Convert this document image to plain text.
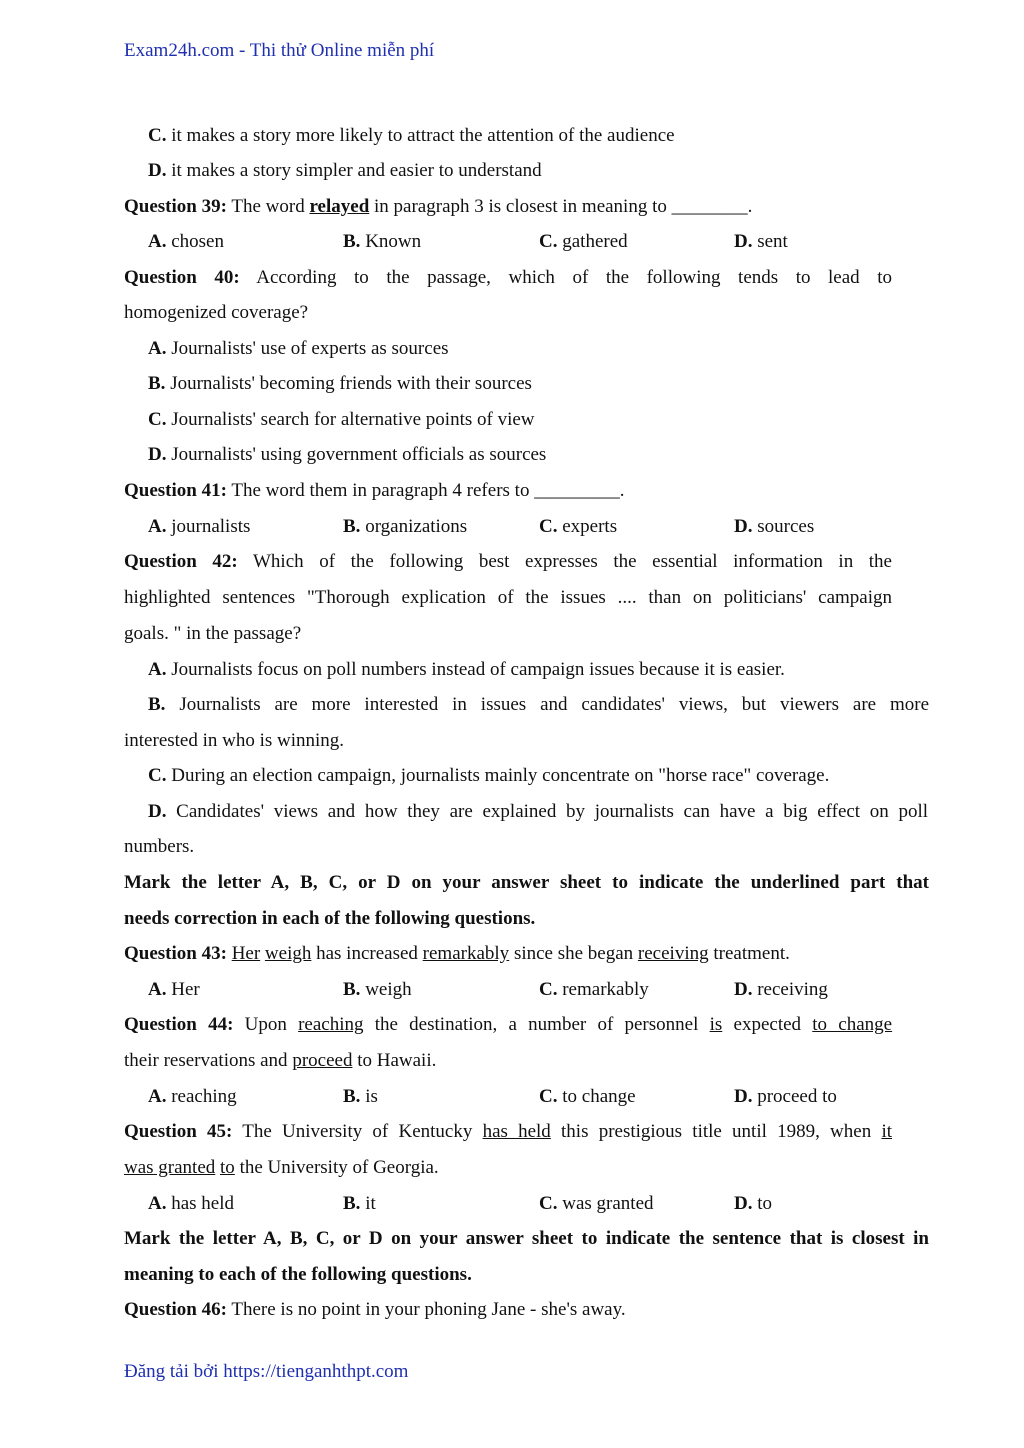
Exam24h.com - Thi thử Online miễn phí
C. it makes a story more likely to attract the attention of the audience
D. it makes a story simpler and easier to understand
Question 39: The word relayed in paragraph 3 is closest in meaning to ________.
A. chosen	B. Known	C. gathered	D. sent
Question 40: According to the passage, which of the following tends to lead to
homogenized coverage?
A. Journalists' use of experts as sources
B. Journalists' becoming friends with their sources
C. Journalists' search for alternative points of view
D. Journalists' using government officials as sources
Question 41: The word them in paragraph 4 refers to _________.
A. journalists	B. organizations	C. experts	D. sources
Question 42: Which of the following best expresses the essential information in the
highlighted sentences "Thorough explication of the issues .... than on politicians' campaign
goals. " in the passage?
A. Journalists focus on poll numbers instead of campaign issues because it is easier.
B. Journalists are more interested in issues and candidates' views, but viewers are more
interested in who is winning.
C. During an election campaign, journalists mainly concentrate on "horse race" coverage.
D. Candidates' views and how they are explained by journalists can have a big effect on poll
numbers.
Mark the letter A, B, C, or D on your answer sheet to indicate the underlined part that
needs correction in each of the following questions.
Question 43: Her weigh has increased remarkably since she began receiving treatment.
A. Her	B. weigh	C. remarkably	D. receiving
Question 44: Upon reaching the destination, a number of personnel is expected to change
their reservations and proceed to Hawaii.
A. reaching	B. is	C. to change	D. proceed to
Question 45: The University of Kentucky has held this prestigious title until 1989, when it
was granted to the University of Georgia.
A. has held	B. it	C. was granted	D. to
Mark the letter A, B, C, or D on your answer sheet to indicate the sentence that is closest in
meaning to each of the following questions.
Question 46: There is no point in your phoning Jane - she's away.
Đăng tải bởi https://tienganhthpt.com
